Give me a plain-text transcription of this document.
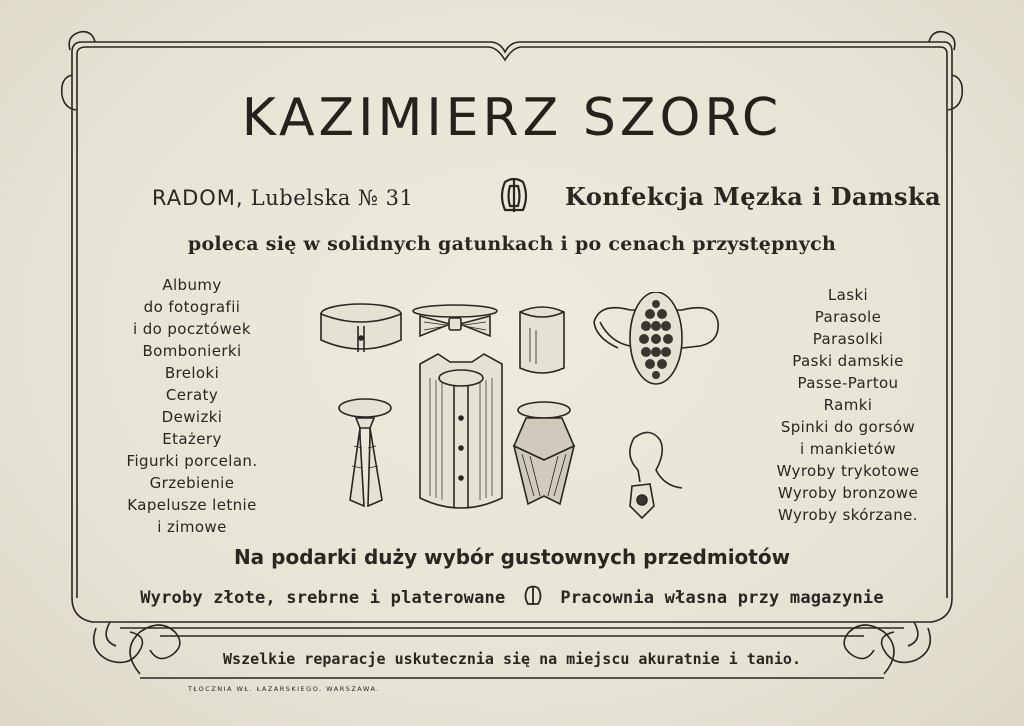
KAZIMIERZ SZORC
RADOM, Lubelska № 31	Konfekcja Męzka i Damska
poleca się w solidnych gatunkach i po cenach przystępnych
Albumy
do fotografii
i do pocztówek
Bombonierki
Breloki
Ceraty
Dewizki
Etażery
Figurki porcelan.
Grzebienie
Kapelusze letnie
i zimowe
Laski
Parasole
Parasolki
Paski damskie
Passe-Partou
Ramki
Spinki do gorsów
i mankietów
Wyroby trykotowe
Wyroby bronzowe
Wyroby skórzane.
Na podarki duży wybór gustownych przedmiotów
Wyroby złote, srebrne i platerowane	Pracownia własna przy magazynie
Wszelkie reparacje uskutecznia się na miejscu akuratnie i tanio.
TŁOCZNIA WŁ. ŁAZARSKIEGO. WARSZAWA.
